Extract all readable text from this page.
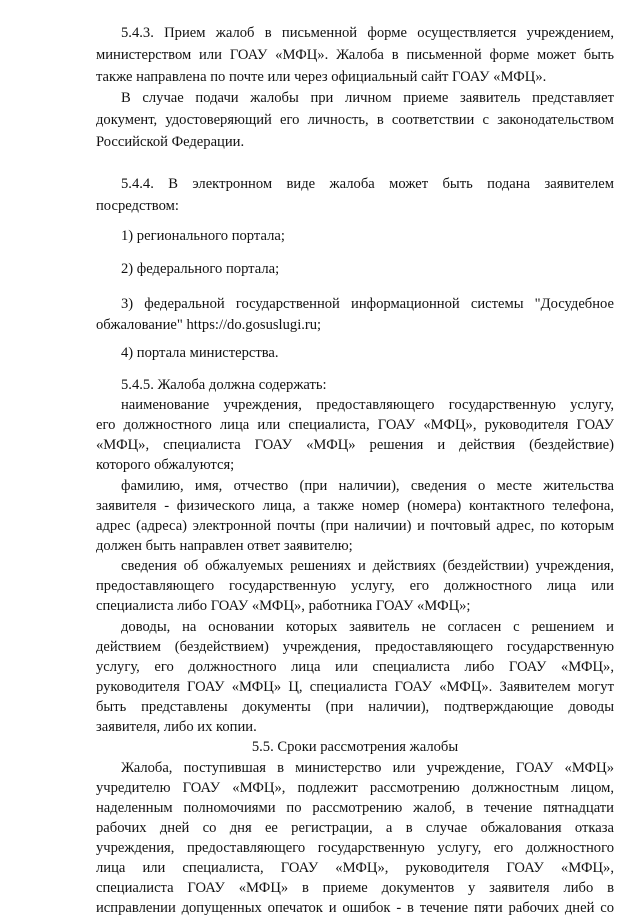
5.4.3. Прием жалоб в письменной форме осуществляется учреждением,

министерством или ГОАУ «МФЦ». Жалоба в письменной форме может быть

также направлена по почте или через официальный сайт ГОАУ «МФЦ».

В случае подачи жалобы при личном приеме заявитель представляет

документ, удостоверяющий его личность, в соответствии с законодательством

Российской Федерации.

5.4.4. В электронном виде жалоба может быть подана заявителем

посредством:

1) регионального портала;

2) федерального портала;

3) федеральной государственной информационной системы "Досудебное

обжалование" https://do.gosuslugi.ru;

4) портала министерства.

5.4.5. Жалоба должна содержать:

наименование учреждения, предоставляющего государственную услугу,

его должностного лица или специалиста, ГОАУ «МФЦ», руководителя ГОАУ

«МФЦ», специалиста ГОАУ «МФЦ» решения и действия (бездействие)

которого обжалуются;

фамилию, имя, отчество (при наличии), сведения о месте жительства

заявителя - физического лица, а также номер (номера) контактного телефона,

адрес (адреса) электронной почты (при наличии) и почтовый адрес, по которым

должен быть направлен ответ заявителю;

сведения об обжалуемых решениях и действиях (бездействии) учреждения,

предоставляющего государственную услугу, его должностного лица или

специалиста либо ГОАУ «МФЦ», работника ГОАУ «МФЦ»;

доводы, на основании которых заявитель не согласен с решением и

действием (бездействием) учреждения, предоставляющего государственную

услугу, его должностного лица или специалиста либо ГОАУ «МФЦ»,

руководителя ГОАУ «МФЦ» Ц, специалиста ГОАУ «МФЦ». Заявителем могут

быть представлены документы (при наличии), подтверждающие доводы

заявителя, либо их копии.

5.5. Сроки рассмотрения жалобы

Жалоба, поступившая в министерство или учреждение, ГОАУ «МФЦ»

учредителю ГОАУ «МФЦ», подлежит рассмотрению должностным лицом,

наделенным полномочиями по рассмотрению жалоб, в течение пятнадцати

рабочих дней со дня ее регистрации, а в случае обжалования отказа

учреждения, предоставляющего государственную услугу, его должностного

лица или специалиста, ГОАУ «МФЦ», руководителя ГОАУ «МФЦ»,

специалиста ГОАУ «МФЦ» в приеме документов у заявителя либо в

исправлении допущенных опечаток и ошибок - в течение пяти рабочих дней со
